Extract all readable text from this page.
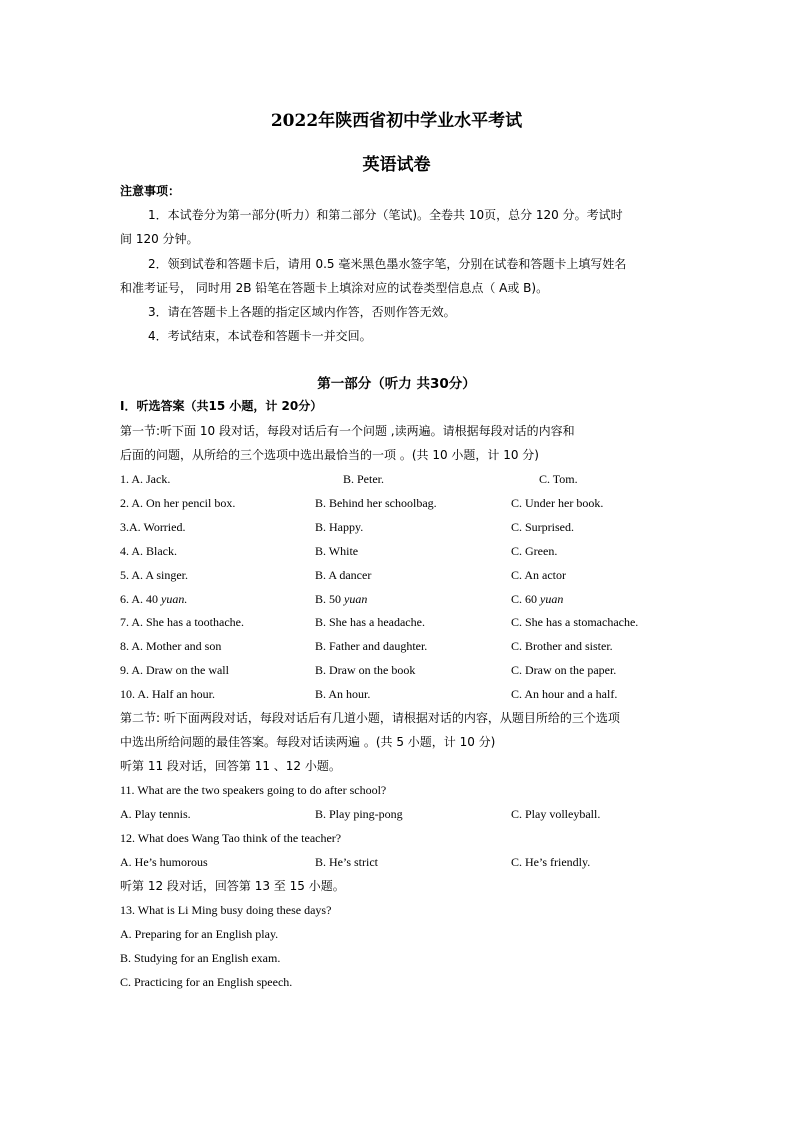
2022年陕西省初中学业水平考试
英语试卷
注意事项：
1．本试卷分为第一部分(听力）和第二部分（笔试)。全卷共 10页，总分 120 分。考试时
间 120 分钟。
2．领到试卷和答题卡后，请用 0.5 毫米黑色墨水签字笔，分别在试卷和答题卡上填写姓名
和准考证号， 同时用 2B 铅笔在答题卡上填涂对应的试卷类型信息点（ A或 B)。
3．请在答题卡上各题的指定区域内作答，否则作答无效。
4．考试结束，本试卷和答题卡一并交回。
第一部分（听力 共30分）
I．听选答案（共15 小题，计 20分）
第一节:听下面 10 段对话，每段对话后有一个问题 ,读两遍。请根据每段对话的内容和
后面的问题，从所给的三个选项中选出最恰当的一项 。(共 10 小题，计 10 分)
1. A. Jack.	B. Peter.	C. Tom.
2. A. On her pencil box.	B. Behind her schoolbag.	C. Under her book.
3.A. Worried.	B. Happy.	C. Surprised.
4. A. Black.	B. White	C. Green.
5. A. A singer.	B. A dancer	C. An actor
6. A. 40 yuan.	B. 50 yuan	C. 60 yuan
7. A. She has a toothache.	B. She has a headache.	C. She has a stomachache.
8. A. Mother and son	B. Father and daughter.	C. Brother and sister.
9. A. Draw on the wall	B. Draw on the book	C. Draw on the paper.
10. A. Half an hour.	B. An hour.	C. An hour and a half.
第二节: 听下面两段对话，每段对话后有几道小题，请根据对话的内容，从题目所给的三个选项
中选出所给问题的最佳答案。每段对话读两遍 。(共 5 小题，计 10 分)
听第 11 段对话，回答第 11 、12 小题。
11. What are the two speakers going to do after school?
A. Play tennis.	B. Play ping-pong	C. Play volleyball.
12. What does Wang Tao think of the teacher?
A. He’s humorous	B. He’s strict	C. He’s friendly.
听第 12 段对话，回答第 13 至 15 小题。
13. What is Li Ming busy doing these days?
A. Preparing for an English play.
B. Studying for an English exam.
C. Practicing for an English speech.
